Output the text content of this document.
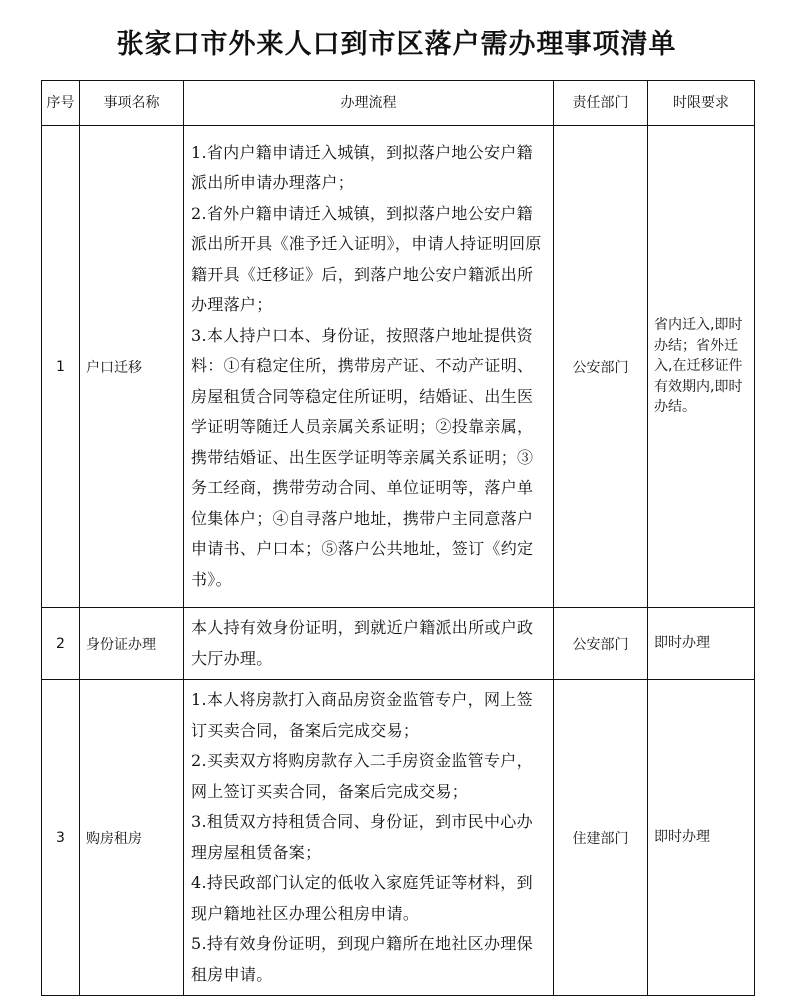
张家口市外来人口到市区落户需办理事项清单
序号	事项名称	办理流程	责任部门	时限要求
1	户口迁移	1.省内户籍申请迁入城镇，到拟落户地公安户籍派出所申请办理落户；
2.省外户籍申请迁入城镇，到拟落户地公安户籍派出所开具《准予迁入证明》，申请人持证明回原籍开具《迁移证》后，到落户地公安户籍派出所办理落户；
3.本人持户口本、身份证，按照落户地址提供资料：①有稳定住所，携带房产证、不动产证明、房屋租赁合同等稳定住所证明，结婚证、出生医学证明等随迁人员亲属关系证明；②投靠亲属，携带结婚证、出生医学证明等亲属关系证明；③务工经商，携带劳动合同、单位证明等，落户单位集体户；④自寻落户地址，携带户主同意落户申请书、户口本；⑤落户公共地址，签订《约定书》。	公安部门	省内迁入,即时办结；省外迁入,在迁移证件有效期内,即时办结。
2	身份证办理	本人持有效身份证明，到就近户籍派出所或户政大厅办理。	公安部门	即时办理
3	购房租房	1.本人将房款打入商品房资金监管专户，网上签订买卖合同，备案后完成交易；
2.买卖双方将购房款存入二手房资金监管专户，网上签订买卖合同，备案后完成交易；
3.租赁双方持租赁合同、身份证，到市民中心办理房屋租赁备案；
4.持民政部门认定的低收入家庭凭证等材料，到现户籍地社区办理公租房申请。
5.持有效身份证明，到现户籍所在地社区办理保租房申请。	住建部门	即时办理
